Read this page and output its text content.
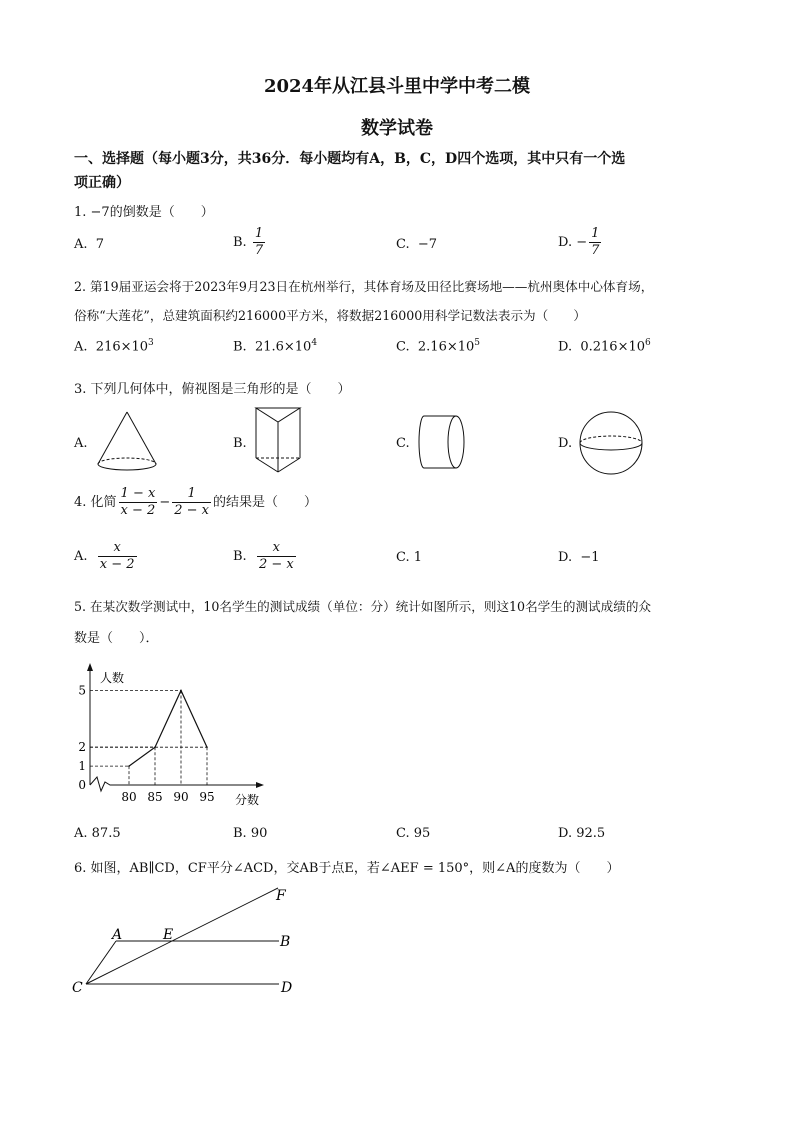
2024年从江县斗里中学中考二模
数学试卷
一、选择题（每小题3分，共36分．每小题均有A，B，C，D四个选项，其中只有一个选
项正确）
1. −7的倒数是（　　）
A. 7	B. $\frac{1}{7}$	C. −7	D. − $\frac{1}{7}$
2. 第19届亚运会将于2023年9月23日在杭州举行，其体育场及田径比赛场地——杭州奥体中心体育场，
俗称“大莲花”，总建筑面积约216000平方米，将数据216000用科学记数法表示为（　　）
A. $216\times 10^3$	B. $21.6\times 10^4$	C. $2.16\times 10^5$	D. $0.216\times 10^6$
3. 下列几何体中，俯视图是三角形的是（　　）
A.	B.	C.	D.
4. 化简 $\frac{1 - x}{x - 2} - \frac{1}{2 - x}$ 的结果是（　　）
A. $\frac{x}{x - 2}$	B. $\frac{x}{2 - x}$	C. 1	D. −1
5. 在某次数学测试中，10名学生的测试成绩（单位：分）统计如图所示，则这10名学生的测试成绩的众
数是（　　）．
80 85 90 95
0
1
2
5
人数
分数
A. 87.5	B. 90	C. 95	D. 92.5
6. 如图，AB∥CD，CF平分∠ACD，交AB于点E，若∠AEF = 150°，则∠A的度数为（　　）
A	E	B
C	D
F
